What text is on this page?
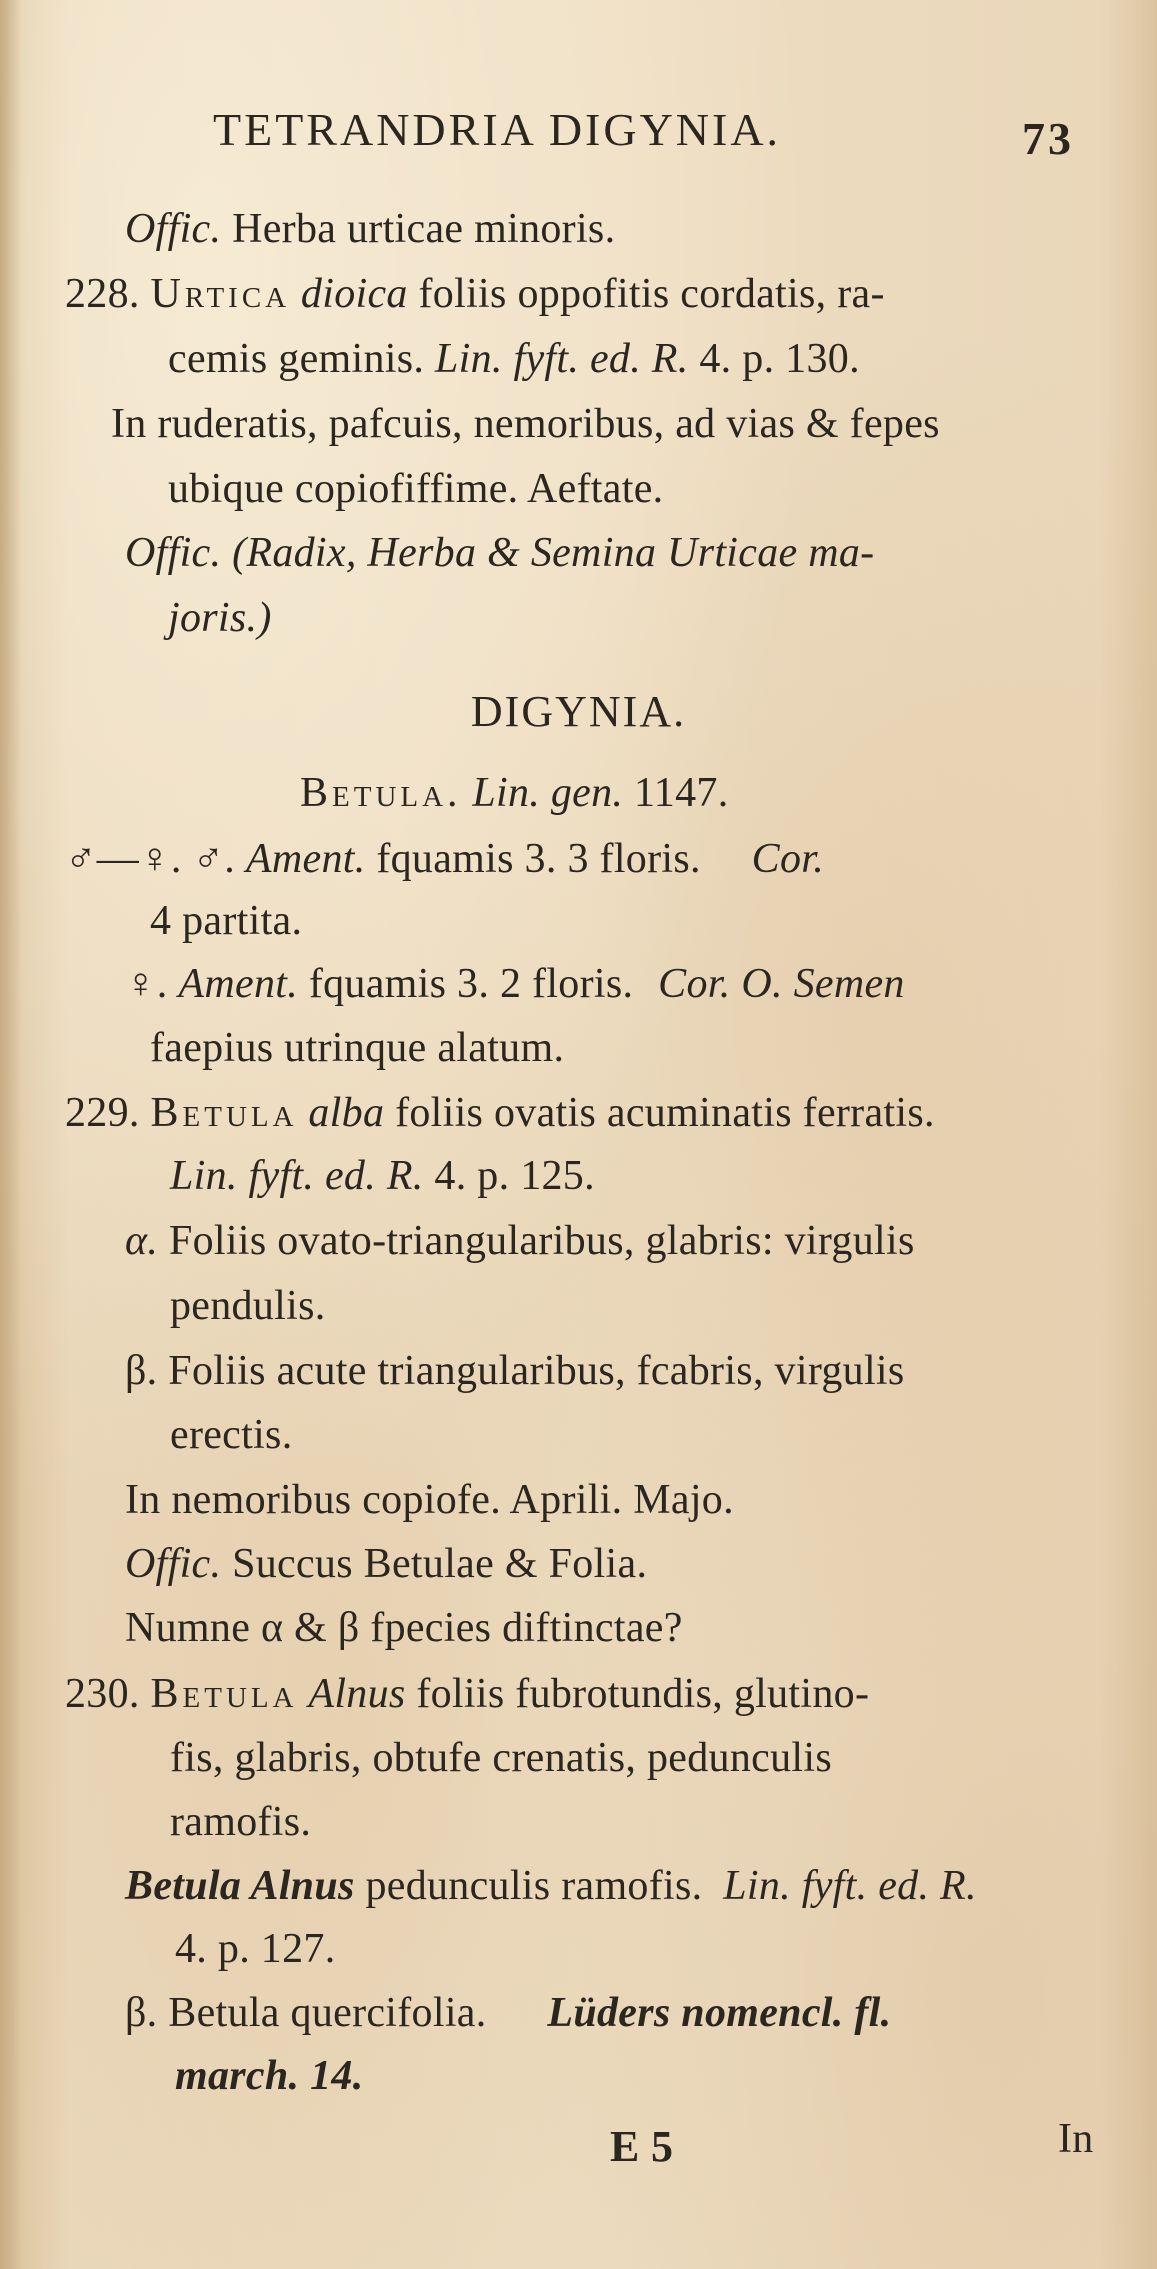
TETRANDRIA DIGYNIA.	73
Offic. Herba urticae minoris.
228. Urtica dioica foliis oppofitis cordatis, ra-
cemis geminis. Lin. fyft. ed. R. 4. p. 130.
In ruderatis, pafcuis, nemoribus, ad vias & fepes
ubique copiofiffime. Aeftate.
Offic. (Radix, Herba & Semina Urticae ma-
joris.)
DIGYNIA.
Betula. Lin. gen. 1147.
♂—♀. ♂. Ament. fquamis 3. 3 floris. Cor.
4 partita.
♀. Ament. fquamis 3. 2 floris. Cor. O. Semen
faepius utrinque alatum.
229. Betula alba foliis ovatis acuminatis ferratis.
Lin. fyft. ed. R. 4. p. 125.
α. Foliis ovato-triangularibus, glabris: virgulis
pendulis.
β. Foliis acute triangularibus, fcabris, virgulis
erectis.
In nemoribus copiofe. Aprili. Majo.
Offic. Succus Betulae & Folia.
Numne α & β fpecies diftinctae?
230. Betula Alnus foliis fubrotundis, glutino-
fis, glabris, obtufe crenatis, pedunculis
ramofis.
Betula Alnus pedunculis ramofis. Lin. fyft. ed. R.
4. p. 127.
β. Betula quercifolia. Lüders nomencl. fl.
march. 14.
E 5	In
